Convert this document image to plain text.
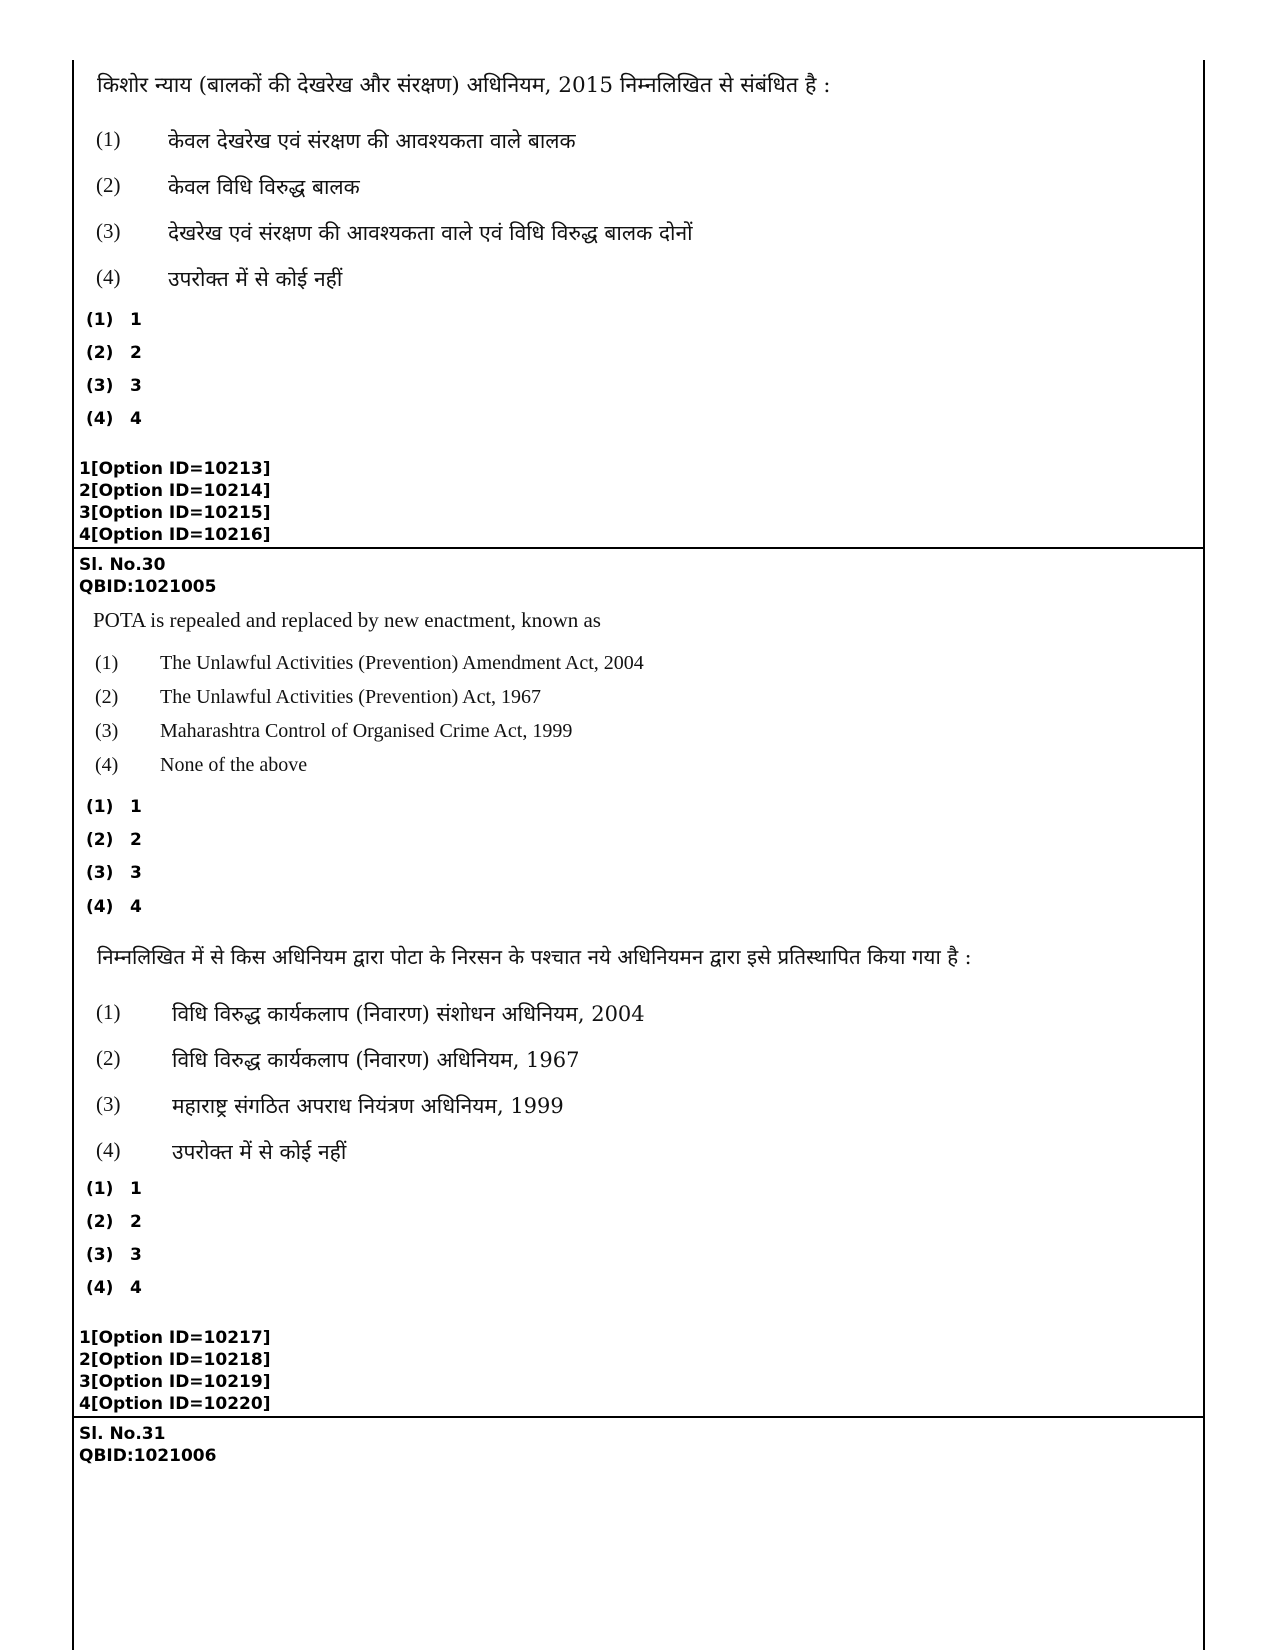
किशोर न्याय (बालकों की देखरेख और संरक्षण) अधिनियम, 2015 निम्नलिखित से संबंधित है :
(1) केवल देखरेख एवं संरक्षण की आवश्यकता वाले बालक
(2) केवल विधि विरुद्ध बालक
(3) देखरेख एवं संरक्षण की आवश्यकता वाले एवं विधि विरुद्ध बालक दोनों
(4) उपरोक्त में से कोई नहीं
(1) 1
(2) 2
(3) 3
(4) 4
1[Option ID=10213]
2[Option ID=10214]
3[Option ID=10215]
4[Option ID=10216]
Sl. No.30
QBID:1021005
POTA is repealed and replaced by new enactment, known as
(1) The Unlawful Activities (Prevention) Amendment Act, 2004
(2) The Unlawful Activities (Prevention) Act, 1967
(3) Maharashtra Control of Organised Crime Act, 1999
(4) None of the above
(1) 1
(2) 2
(3) 3
(4) 4
निम्नलिखित में से किस अधिनियम द्वारा पोटा के निरसन के पश्चात नये अधिनियमन द्वारा इसे प्रतिस्थापित किया गया है :
(1) विधि विरुद्ध कार्यकलाप (निवारण) संशोधन अधिनियम, 2004
(2) विधि विरुद्ध कार्यकलाप (निवारण) अधिनियम, 1967
(3) महाराष्ट्र संगठित अपराध नियंत्रण अधिनियम, 1999
(4) उपरोक्त में से कोई नहीं
(1) 1
(2) 2
(3) 3
(4) 4
1[Option ID=10217]
2[Option ID=10218]
3[Option ID=10219]
4[Option ID=10220]
Sl. No.31
QBID:1021006
